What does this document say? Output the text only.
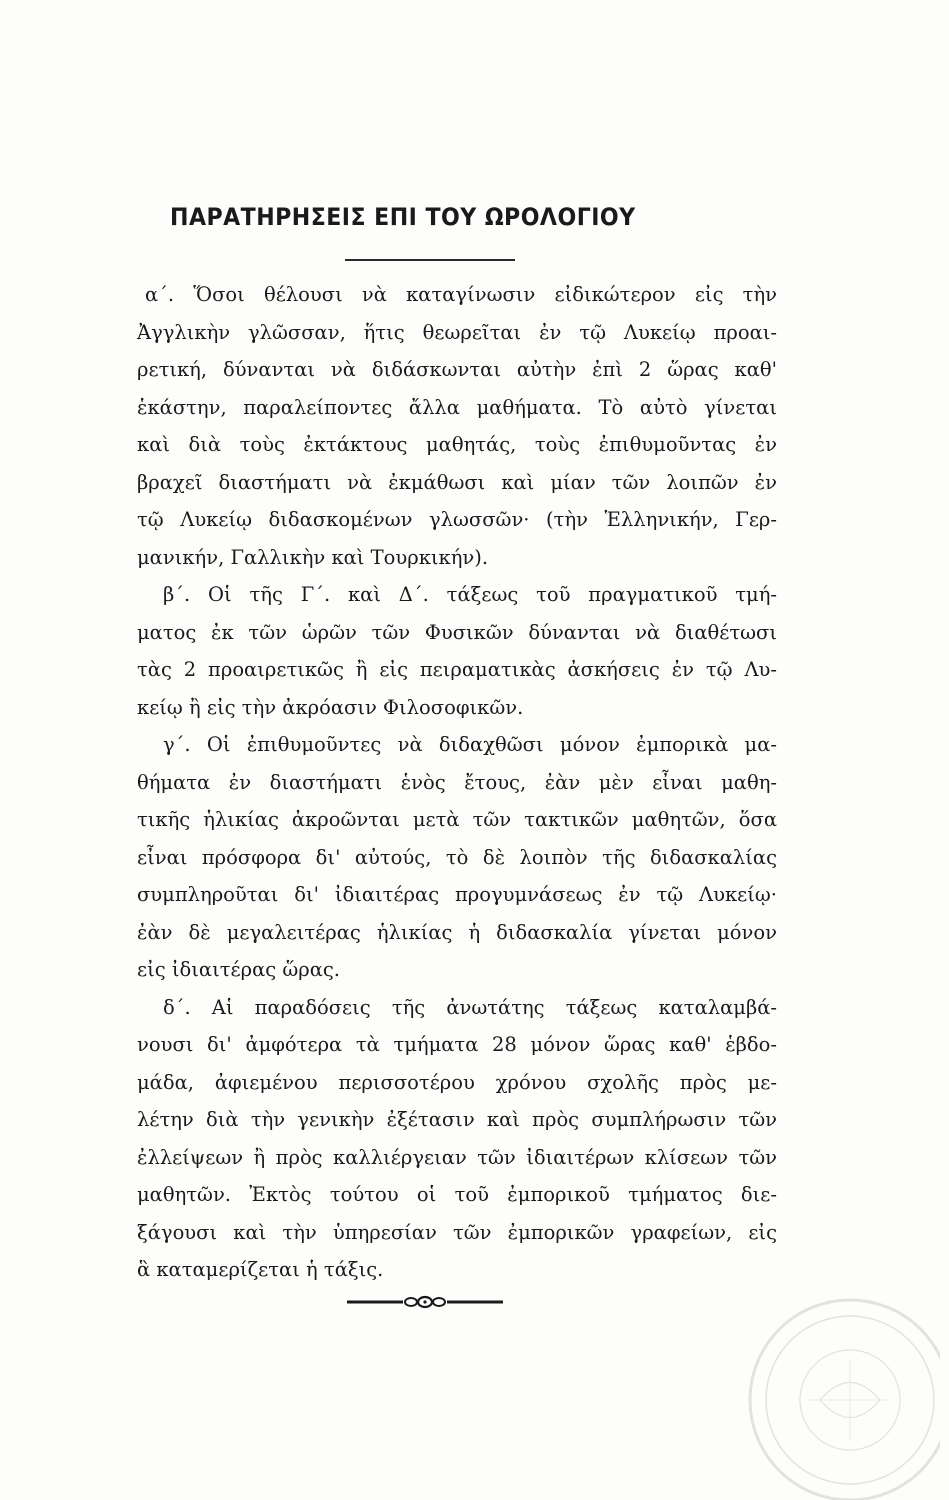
ΠΑΡΑΤΗΡΗΣΕΙΣ ΕΠΙ ΤΟΥ ΩΡΟΛΟΓΙΟΥ
α΄. Ὅσοι θέλουσι νὰ καταγίνωσιν εἰδικώτερον εἰς τὴν
Ἀγγλικὴν γλῶσσαν, ἥτις θεωρεῖται ἐν τῷ Λυκείῳ προαι-
ρετική, δύνανται νὰ διδάσκωνται αὐτὴν ἐπὶ 2 ὥρας καθ'
ἑκάστην, παραλείποντες ἄλλα μαθήματα. Τὸ αὐτὸ γίνεται
καὶ διὰ τοὺς ἐκτάκτους μαθητάς, τοὺς ἐπιθυμοῦντας ἐν
βραχεῖ διαστήματι νὰ ἐκμάθωσι καὶ μίαν τῶν λοιπῶν ἐν
τῷ Λυκείῳ διδασκομένων γλωσσῶν· (τὴν Ἑλληνικήν, Γερ-
μανικήν, Γαλλικὴν καὶ Τουρκικήν).
β΄. Οἱ τῆς Γ΄. καὶ Δ΄. τάξεως τοῦ πραγματικοῦ τμή-
ματος ἐκ τῶν ὡρῶν τῶν Φυσικῶν δύνανται νὰ διαθέτωσι
τὰς 2 προαιρετικῶς ἢ εἰς πειραματικὰς ἀσκήσεις ἐν τῷ Λυ-
κείῳ ἢ εἰς τὴν ἀκρόασιν Φιλοσοφικῶν.
γ΄. Οἱ ἐπιθυμοῦντες νὰ διδαχθῶσι μόνον ἐμπορικὰ μα-
θήματα ἐν διαστήματι ἑνὸς ἔτους, ἐὰν μὲν εἶναι μαθη-
τικῆς ἡλικίας ἀκροῶνται μετὰ τῶν τακτικῶν μαθητῶν, ὅσα
εἶναι πρόσφορα δι' αὐτούς, τὸ δὲ λοιπὸν τῆς διδασκαλίας
συμπληροῦται δι' ἰδιαιτέρας προγυμνάσεως ἐν τῷ Λυκείῳ·
ἐὰν δὲ μεγαλειτέρας ἡλικίας ἡ διδασκαλία γίνεται μόνον
εἰς ἰδιαιτέρας ὥρας.
δ΄. Αἱ παραδόσεις τῆς ἀνωτάτης τάξεως καταλαμβά-
νουσι δι' ἀμφότερα τὰ τμήματα 28 μόνον ὥρας καθ' ἑβδο-
μάδα, ἀφιεμένου περισσοτέρου χρόνου σχολῆς πρὸς με-
λέτην διὰ τὴν γενικὴν ἐξέτασιν καὶ πρὸς συμπλήρωσιν τῶν
ἐλλείψεων ἢ πρὸς καλλιέργειαν τῶν ἰδιαιτέρων κλίσεων τῶν
μαθητῶν. Ἐκτὸς τούτου οἱ τοῦ ἐμπορικοῦ τμήματος διε-
ξάγουσι καὶ τὴν ὑπηρεσίαν τῶν ἐμπορικῶν γραφείων, εἰς
ἃ καταμερίζεται ἡ τάξις.
